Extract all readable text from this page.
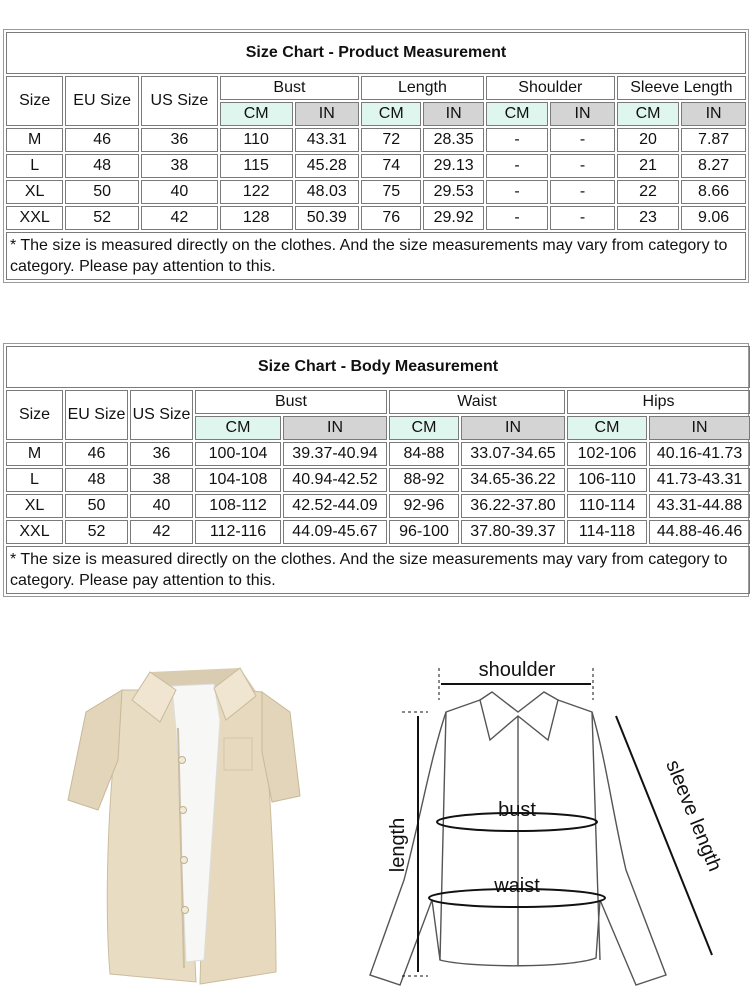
Size Chart - Product Measurement										
Size	EU Size	US Size	Bust		Length		Shoulder		Sleeve Length	
			CM	IN	CM	IN	CM	IN	CM	IN
M	46	36	110	43.31	72	28.35	-	-	20	7.87
L	48	38	115	45.28	74	29.13	-	-	21	8.27
XL	50	40	122	48.03	75	29.53	-	-	22	8.66
XXL	52	42	128	50.39	76	29.92	-	-	23	9.06
* The size is measured directly on the clothes. And the size measurements may vary from category to category. Please pay attention to this.										
Size Chart - Body Measurement								
Size	EU Size	US Size	Bust		Waist		Hips	
			CM	IN	CM	IN	CM	IN
M	46	36	100-104	39.37-40.94	84-88	33.07-34.65	102-106	40.16-41.73
L	48	38	104-108	40.94-42.52	88-92	34.65-36.22	106-110	41.73-43.31
XL	50	40	108-112	42.52-44.09	92-96	36.22-37.80	110-114	43.31-44.88
XXL	52	42	112-116	44.09-45.67	96-100	37.80-39.37	114-118	44.88-46.46
* The size is measured directly on the clothes. And the size measurements may vary from category to category. Please pay attention to this.								
shoulder
bust
waist
length	sleeve length
